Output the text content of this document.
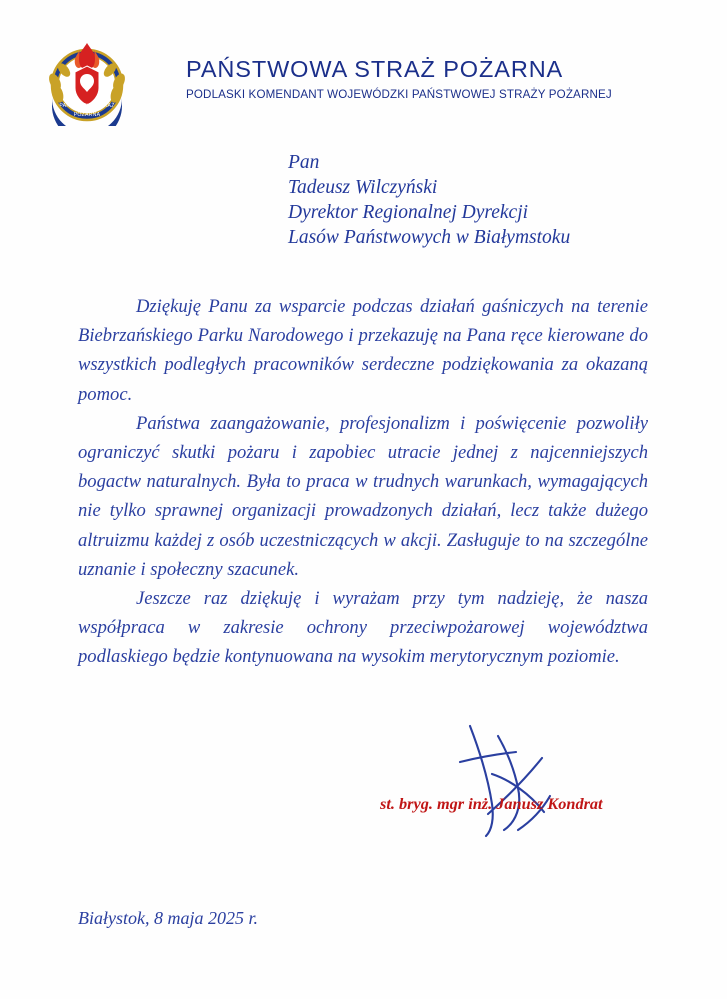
PAŃSTWOWA STRAŻ
POŻARNA
PAŃSTWOWA STRAŻ POŻARNA
PODLASKI KOMENDANT WOJEWÓDZKI PAŃSTWOWEJ STRAŻY POŻARNEJ
Pan
Tadeusz Wilczyński
Dyrektor Regionalnej Dyrekcji
Lasów Państwowych w Białymstoku

Dziękuję Panu za wsparcie podczas działań gaśniczych na terenie Biebrzańskiego Parku Narodowego i przekazuję na Pana ręce kierowane do wszystkich podległych pracowników serdeczne podziękowania za okazaną pomoc.

Państwa zaangażowanie, profesjonalizm i poświęcenie pozwoliły ograniczyć skutki pożaru i zapobiec utracie jednej z najcenniejszych bogactw naturalnych. Była to praca w trudnych warunkach, wymagających nie tylko sprawnej organizacji prowadzonych działań, lecz także dużego altruizmu każdej z osób uczestniczących w akcji. Zasługuje to na szczególne uznanie i społeczny szacunek.

Jeszcze raz dziękuję i wyrażam przy tym nadzieję, że nasza współpraca w zakresie ochrony przeciwpożarowej województwa podlaskiego będzie kontynuowana na wysokim merytorycznym poziomie.

st. bryg. mgr inż. Janusz Kondrat
Białystok, 8 maja 2025 r.
